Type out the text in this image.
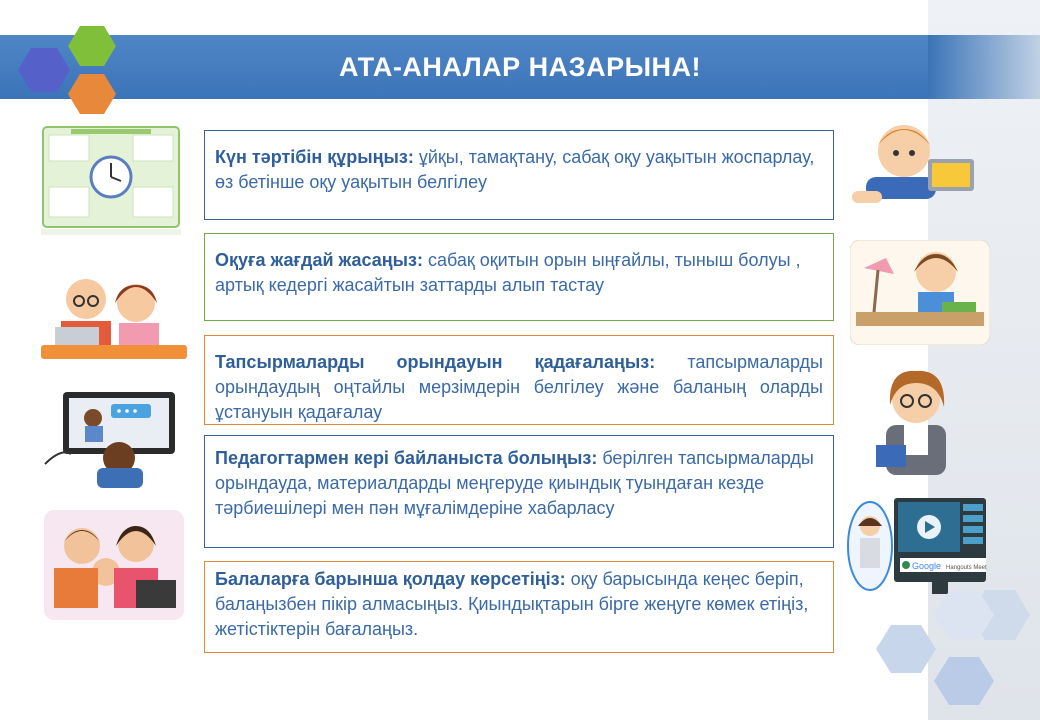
АТА-АНАЛАР НАЗАРЫНА!
Күн тәртібін құрыңыз: ұйқы, тамақтану, сабақ оқу уақытын жоспарлау, өз бетінше оқу уақытын белгілеу
Оқуға жағдай жасаңыз: сабақ оқитын орын ыңғайлы, тыныш болуы , артық кедергі жасайтын заттарды алып тастау
Тапсырмаларды орындауын қадағалаңыз: тапсырмаларды орындаудың оңтайлы мерзімдерін белгілеу және баланың оларды ұстануын қадағалау
Педагогтармен кері байланыста болыңыз: берілген тапсырмаларды орындауда, материалдарды меңгеруде қиындық туындаған кезде тәрбиешілері мен пән мұғалімдеріне хабарласу
Балаларға барынша қолдау көрсетіңіз: оқу барысында кеңес беріп, балаңызбен пікір алмасыңыз. Қиындықтарын бірге жеңуге көмек етіңіз, жетістіктерін бағалаңыз.
Google Hangouts Meet
